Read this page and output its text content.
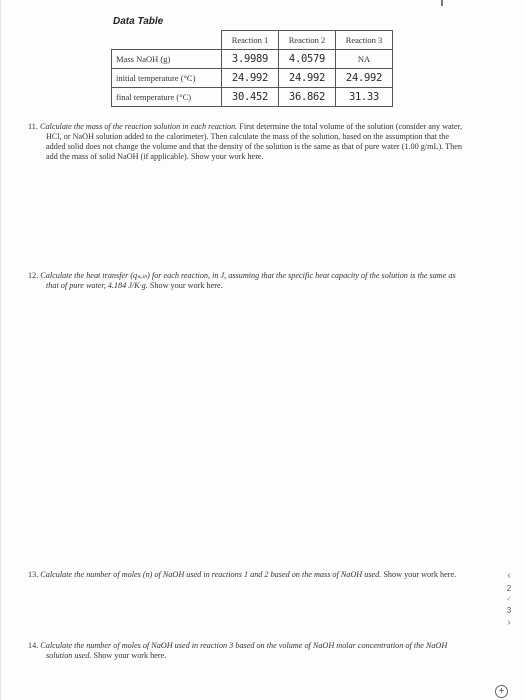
Data Table
	Reaction 1	Reaction 2	Reaction 3
Mass NaOH (g)	3.9989	4.0579	NA
initial temperature (°C)	24.992	24.992	24.992
final temperature (°C)	30.452	36.862	31.33
11. Calculate the mass of the reaction solution in each reaction. First determine the total volume of the solution (consider any water, HCl, or NaOH solution added to the calorimeter). Then calculate the mass of the solution, based on the assumption that the added solid does not change the volume and that the density of the solution is the same as that of pure water (1.00 g/mL). Then add the mass of solid NaOH (if applicable). Show your work here.
12. Calculate the heat transfer (qₛₒₗₙ) for each reaction, in J, assuming that the specific heat capacity of the solution is the same as that of pure water, 4.184 J/K·g. Show your work here.
13. Calculate the number of moles (n) of NaOH used in reactions 1 and 2 based on the mass of NaOH used. Show your work here.
14. Calculate the number of moles of NaOH used in reaction 3 based on the volume of NaOH molar concentration of the NaOH solution used. Show your work here.
‹
2
✓
3
›
+
